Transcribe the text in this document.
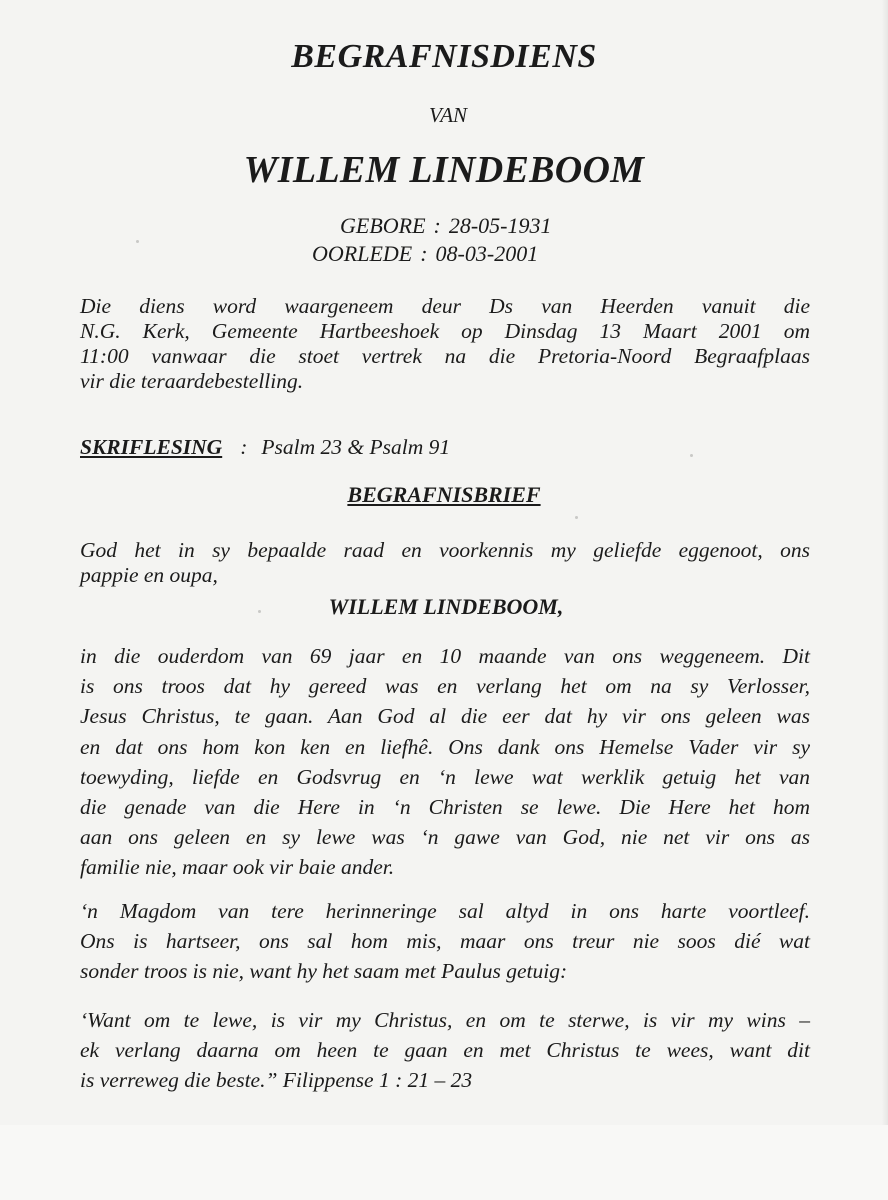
BEGRAFNISDIENS
VAN
WILLEM LINDEBOOM
GEBORE : 28-05-1931
OORLEDE : 08-03-2001
Die diens word waargeneem deur Ds van Heerden vanuit die
N.G. Kerk, Gemeente Hartbeeshoek op Dinsdag 13 Maart 2001 om
11:00 vanwaar die stoet vertrek na die Pretoria-Noord Begraafplaas
vir die teraardebestelling.
SKRIFLESING : Psalm 23 & Psalm 91
BEGRAFNISBRIEF
God het in sy bepaalde raad en voorkennis my geliefde eggenoot, ons
pappie en oupa,
WILLEM LINDEBOOM,
in die ouderdom van 69 jaar en 10 maande van ons weggeneem. Dit
is ons troos dat hy gereed was en verlang het om na sy Verlosser,
Jesus Christus, te gaan. Aan God al die eer dat hy vir ons geleen was
en dat ons hom kon ken en liefhê. Ons dank ons Hemelse Vader vir sy
toewyding, liefde en Godsvrug en ‘n lewe wat werklik getuig het van
die genade van die Here in ‘n Christen se lewe. Die Here het hom
aan ons geleen en sy lewe was ‘n gawe van God, nie net vir ons as
familie nie, maar ook vir baie ander.
‘n Magdom van tere herinneringe sal altyd in ons harte voortleef.
Ons is hartseer, ons sal hom mis, maar ons treur nie soos dié wat
sonder troos is nie, want hy het saam met Paulus getuig:
‘Want om te lewe, is vir my Christus, en om te sterwe, is vir my wins –
ek verlang daarna om heen te gaan en met Christus te wees, want dit
is verreweg die beste.” Filippense 1 : 21 – 23
